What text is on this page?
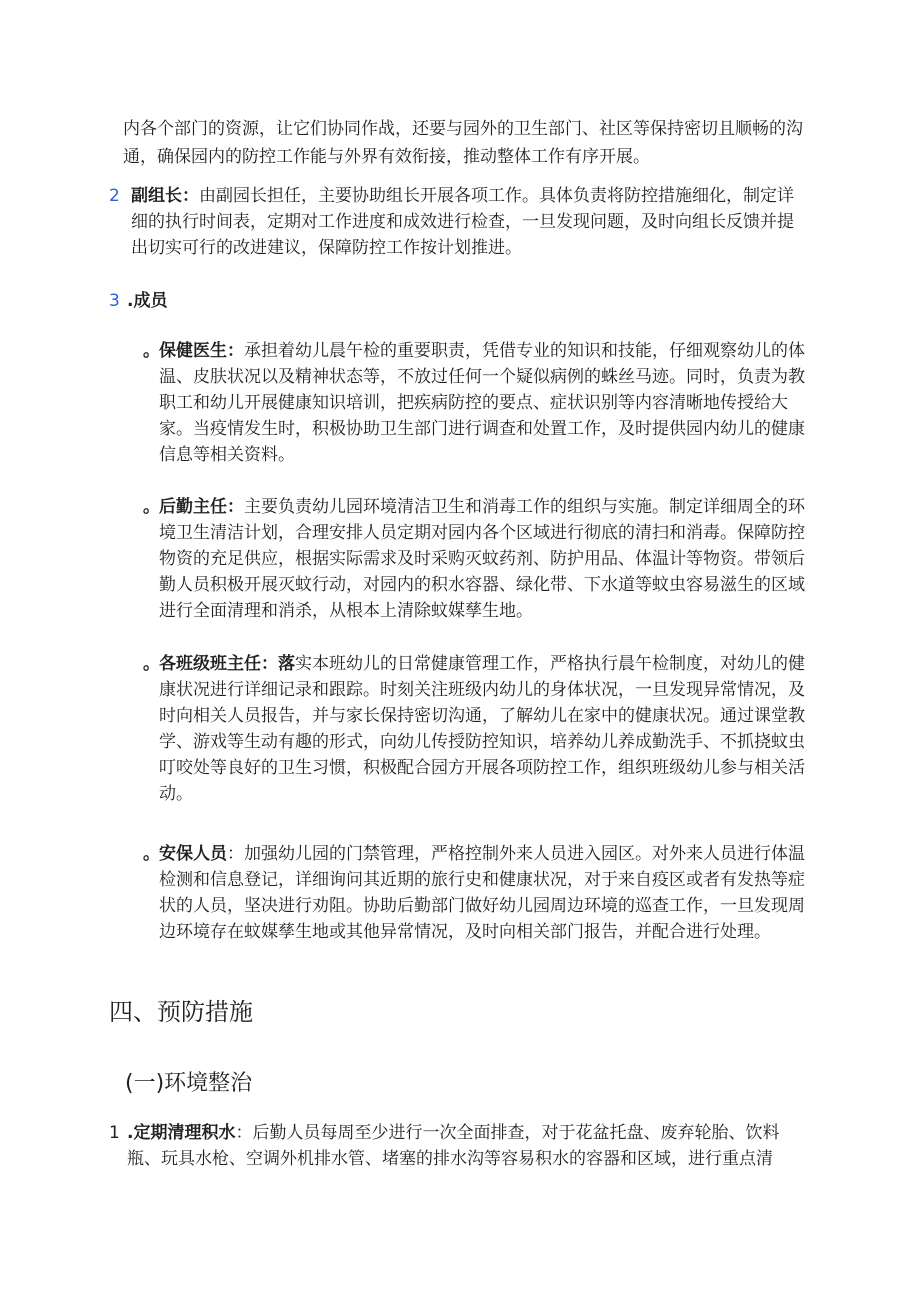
内各个部门的资源，让它们协同作战，还要与园外的卫生部门、社区等保持密切且顺畅的沟

通，确保园内的防控工作能与外界有效衔接，推动整体工作有序开展。

2 副组长：由副园长担任，主要协助组长开展各项工作。具体负责将防控措施细化，制定详细的执行时间表，定期对工作进度和成效进行检查，一旦发现问题，及时向组长反馈并提出切实可行的改进建议，保障防控工作按计划推进。

3 .成员
。 保健医生：承担着幼儿晨午检的重要职责，凭借专业的知识和技能，仔细观察幼儿的体温、皮肤状况以及精神状态等，不放过任何一个疑似病例的蛛丝马迹。同时，负责为教职工和幼儿开展健康知识培训，把疾病防控的要点、症状识别等内容清晰地传授给大家。当疫情发生时，积极协助卫生部门进行调查和处置工作，及时提供园内幼儿的健康信息等相关资料。

。 后勤主任：主要负责幼儿园环境清洁卫生和消毒工作的组织与实施。制定详细周全的环境卫生清洁计划，合理安排人员定期对园内各个区域进行彻底的清扫和消毒。保障防控物资的充足供应，根据实际需求及时采购灭蚊药剂、防护用品、体温计等物资。带领后勤人员积极开展灭蚊行动，对园内的积水容器、绿化带、下水道等蚊虫容易滋生的区域进行全面清理和消杀，从根本上清除蚊媒孳生地。

。 各班级班主任：落实本班幼儿的日常健康管理工作，严格执行晨午检制度，对幼儿的健康状况进行详细记录和跟踪。时刻关注班级内幼儿的身体状况，一旦发现异常情况，及时向相关人员报告，并与家长保持密切沟通，了解幼儿在家中的健康状况。通过课堂教学、游戏等生动有趣的形式，向幼儿传授防控知识，培养幼儿养成勤洗手、不抓挠蚊虫叮咬处等良好的卫生习惯，积极配合园方开展各项防控工作，组织班级幼儿参与相关活动。

。 安保人员：加强幼儿园的门禁管理，严格控制外来人员进入园区。对外来人员进行体温检测和信息登记，详细询问其近期的旅行史和健康状况，对于来自疫区或者有发热等症状的人员，坚决进行劝阻。协助后勤部门做好幼儿园周边环境的巡查工作，一旦发现周边环境存在蚊媒孳生地或其他异常情况，及时向相关部门报告，并配合进行处理。

四、预防措施
(一)环境整治
1 .定期清理积水：后勤人员每周至少进行一次全面排查，对于花盆托盘、废弃轮胎、饮料瓶、玩具水枪、空调外机排水管、堵塞的排水沟等容易积水的容器和区域，进行重点清
